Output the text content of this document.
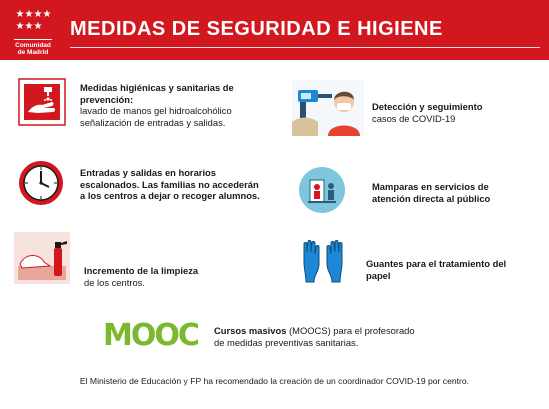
★ ★ ★ ★
★ ★ ★
Comunidad
de Madrid
MEDIDAS DE SEGURIDAD E HIGIENE
Medidas higiénicas y sanitarias de
prevención:
lavado de manos gel hidroalcohólico
señalización de entradas y salidas.
Detección y seguimiento
casos de COVID-19
Entradas y salidas en horarios
escalonados. Las familias no accederán
a los centros a dejar o recoger alumnos.
Mamparas en servicios de
atención directa al público
Incremento de la limpieza
de los centros.
Guantes para el tratamiento del
papel
MOOC Cursos masivos (MOOCS) para el profesorado
de medidas preventivas sanitarias.
El Ministerio de Educación y FP ha recomendado la creación de un coordinador COVID-19 por centro.
